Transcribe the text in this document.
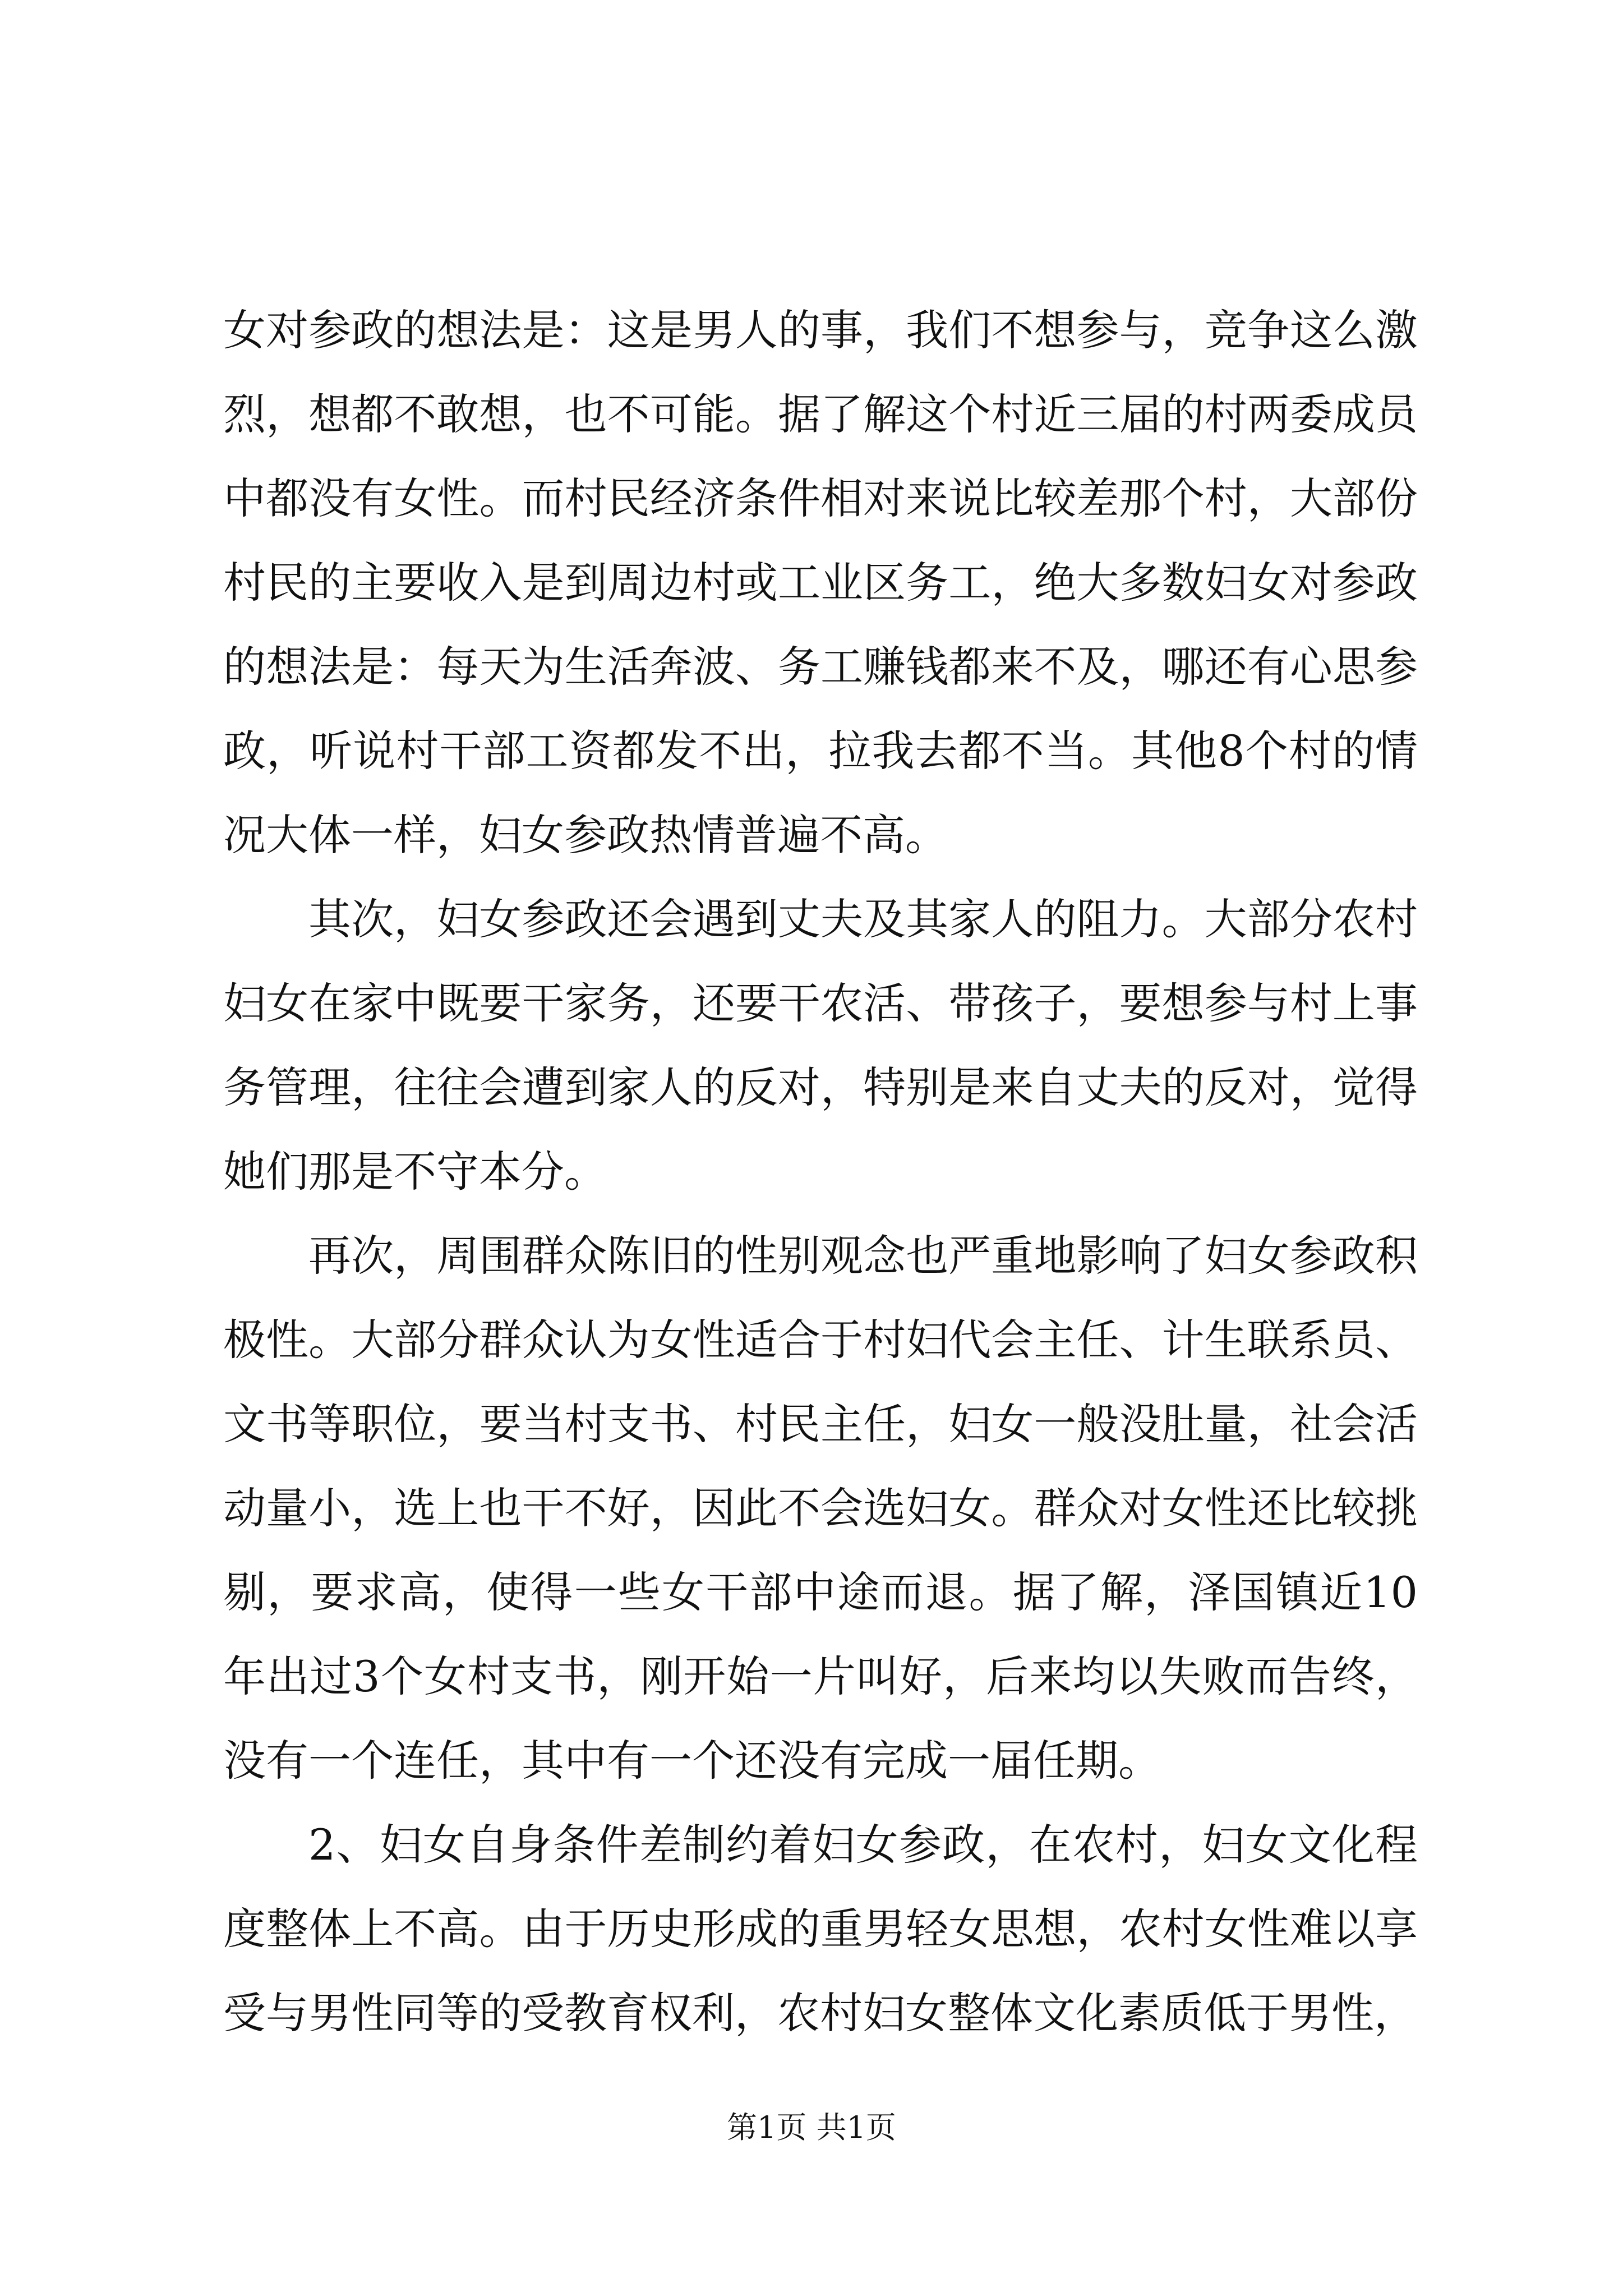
女对参政的想法是：这是男人的事，我们不想参与，竞争这么激烈，想都不敢想，也不可能。据了解这个村近三届的村两委成员中都没有女性。而村民经济条件相对来说比较差那个村，大部份村民的主要收入是到周边村或工业区务工，绝大多数妇女对参政的想法是：每天为生活奔波、务工赚钱都来不及，哪还有心思参政，听说村干部工资都发不出，拉我去都不当。其他8个村的情况大体一样，妇女参政热情普遍不高。

其次，妇女参政还会遇到丈夫及其家人的阻力。大部分农村妇女在家中既要干家务，还要干农活、带孩子，要想参与村上事务管理，往往会遭到家人的反对，特别是来自丈夫的反对，觉得她们那是不守本分。

再次，周围群众陈旧的性别观念也严重地影响了妇女参政积极性。大部分群众认为女性适合于村妇代会主任、计生联系员、文书等职位，要当村支书、村民主任，妇女一般没肚量，社会活动量小，选上也干不好，因此不会选妇女。群众对女性还比较挑剔，要求高，使得一些女干部中途而退。据了解，泽国镇近10年出过3个女村支书，刚开始一片叫好，后来均以失败而告终，没有一个连任，其中有一个还没有完成一届任期。

2、妇女自身条件差制约着妇女参政，在农村，妇女文化程度整体上不高。由于历史形成的重男轻女思想，农村女性难以享受与男性同等的受教育权利，农村妇女整体文化素质低于男性，

第1页 共1页
